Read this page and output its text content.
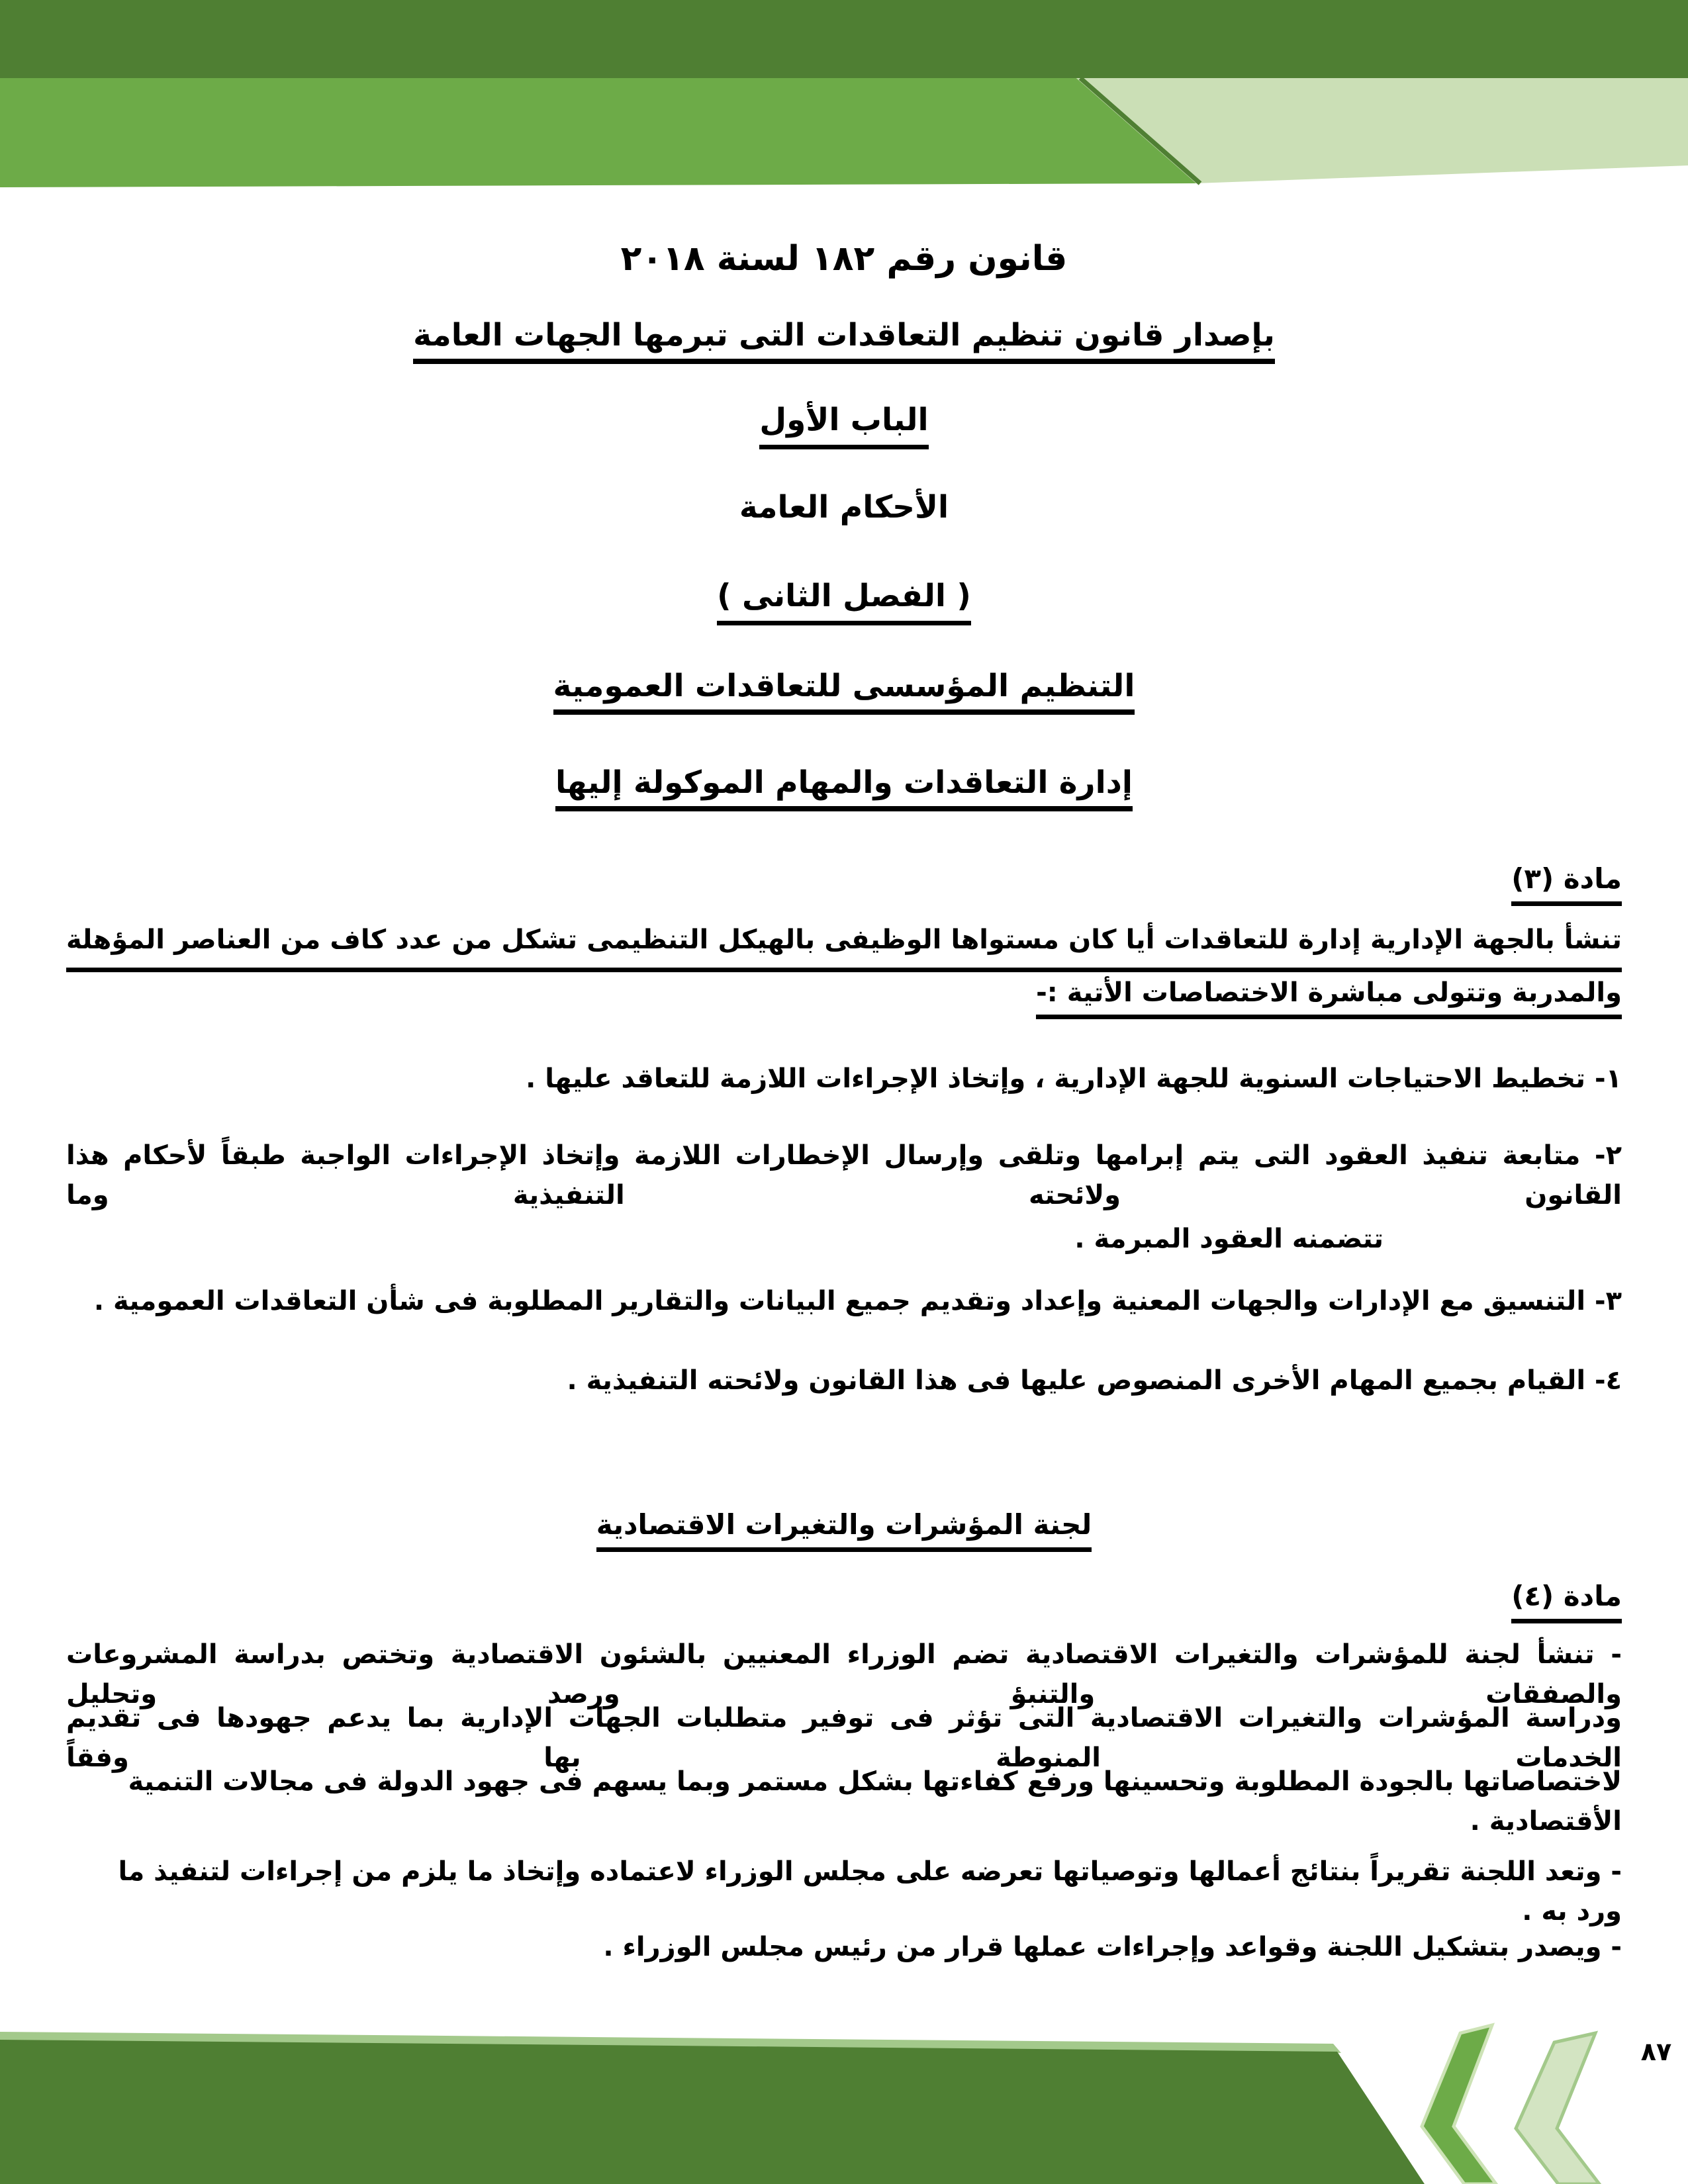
قانون رقم ١٨٢ لسنة ٢٠١٨
بإصدار قانون تنظيم التعاقدات التى تبرمها الجهات العامة
الباب الأول
الأحكام العامة
( الفصل الثانى )
التنظيم المؤسسى للتعاقدات العمومية
إدارة التعاقدات والمهام الموكولة إليها
مادة (٣)
تنشأ بالجهة الإدارية إدارة للتعاقدات أيا كان مستواها الوظيفى بالهيكل التنظيمى تشكل من عدد كاف من العناصر المؤهلة
والمدربة وتتولى مباشرة الاختصاصات الأتية :-
١- تخطيط الاحتياجات السنوية للجهة الإدارية ، وإتخاذ الإجراءات اللازمة للتعاقد عليها .
٢- متابعة تنفيذ العقود التى يتم إبرامها وتلقى وإرسال الإخطارات اللازمة وإتخاذ الإجراءات الواجبة طبقاً لأحكام هذا القانون ولائحته التنفيذية وما
تتضمنه العقود المبرمة .
٣- التنسيق مع الإدارات والجهات المعنية وإعداد وتقديم جميع البيانات والتقارير المطلوبة فى شأن التعاقدات العمومية .
٤- القيام بجميع المهام الأخرى المنصوص عليها فى هذا القانون ولائحته التنفيذية .
لجنة المؤشرات والتغيرات الاقتصادية
مادة (٤)
- تنشأ لجنة للمؤشرات والتغيرات الاقتصادية تضم الوزراء المعنيين بالشئون الاقتصادية وتختص بدراسة المشروعات والصفقات والتنبؤ ورصد وتحليل
ودراسة المؤشرات والتغيرات الاقتصادية التى تؤثر فى توفير متطلبات الجهات الإدارية بما يدعم جهودها فى تقديم الخدمات المنوطة بها وفقاً
لاختصاصاتها بالجودة المطلوبة وتحسينها ورفع كفاءتها بشكل مستمر وبما يسهم فى جهود الدولة فى مجالات التنمية الأقتصادية .
- وتعد اللجنة تقريراً بنتائج أعمالها وتوصياتها تعرضه على مجلس الوزراء لاعتماده وإتخاذ ما يلزم من إجراءات لتنفيذ ما ورد به .
- ويصدر بتشكيل اللجنة وقواعد وإجراءات عملها قرار من رئيس مجلس الوزراء .
٨٧
